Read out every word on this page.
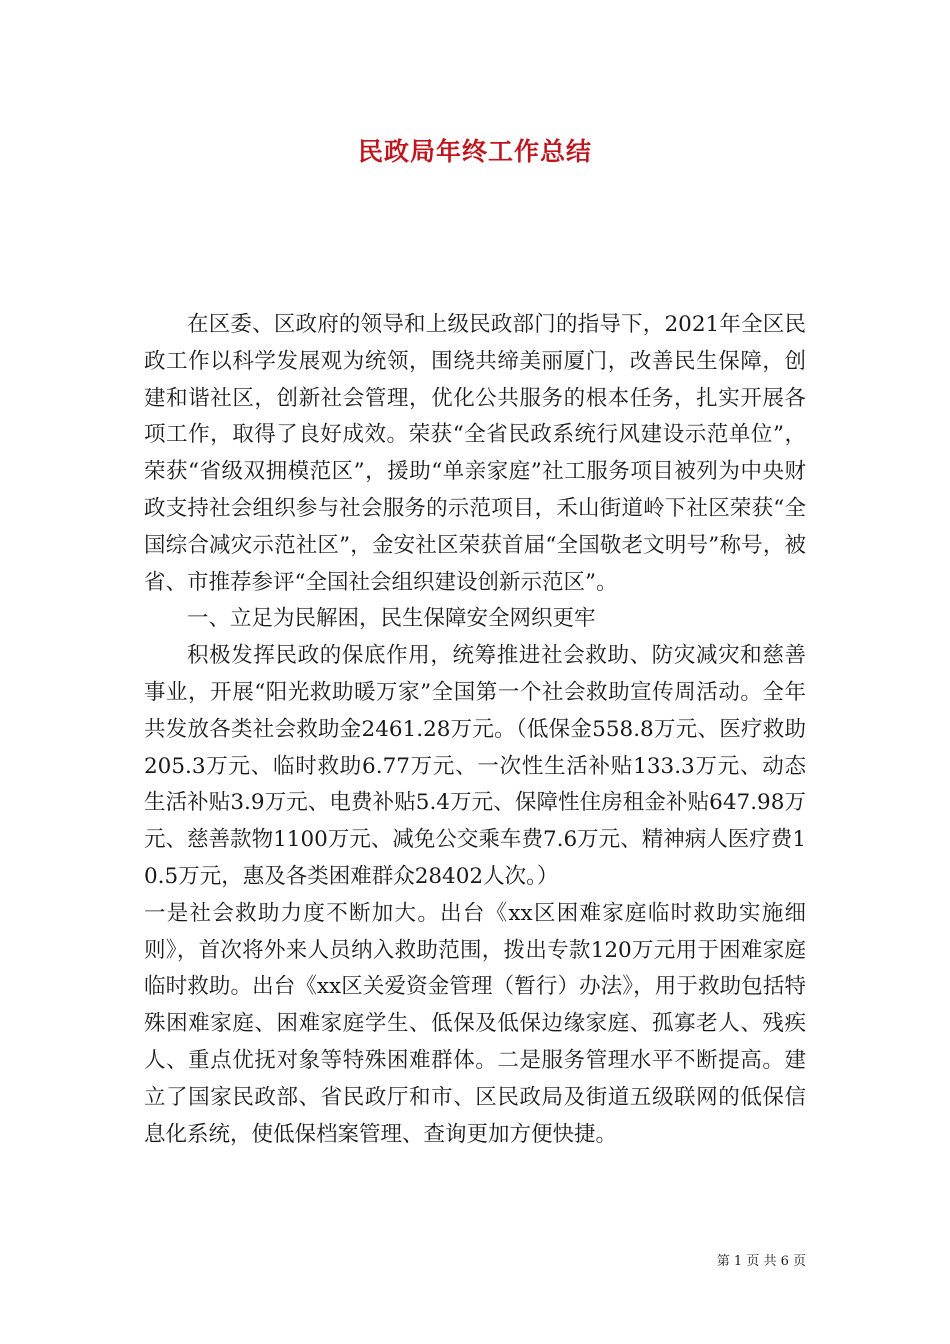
民政局年终工作总结

在区委、区政府的领导和上级民政部门的指导下，2021年全区民政工作以科学发展观为统领，围绕共缔美丽厦门，改善民生保障，创建和谐社区，创新社会管理，优化公共服务的根本任务，扎实开展各项工作，取得了良好成效。荣获“全省民政系统行风建设示范单位”，荣获“省级双拥模范区”，援助“单亲家庭”社工服务项目被列为中央财政支持社会组织参与社会服务的示范项目，禾山街道岭下社区荣获“全国综合减灾示范社区”，金安社区荣获首届“全国敬老文明号”称号，被省、市推荐参评“全国社会组织建设创新示范区”。

一、立足为民解困，民生保障安全网织更牢

积极发挥民政的保底作用，统筹推进社会救助、防灾减灾和慈善事业，开展“阳光救助暖万家”全国第一个社会救助宣传周活动。全年共发放各类社会救助金2461.28万元。（低保金558.8万元、医疗救助205.3万元、临时救助6.77万元、一次性生活补贴133.3万元、动态生活补贴3.9万元、电费补贴5.4万元、保障性住房租金补贴647.98万元、慈善款物1100万元、减免公交乘车费7.6万元、精神病人医疗费10.5万元，惠及各类困难群众28402人次。）

一是社会救助力度不断加大。出台《xx区困难家庭临时救助实施细则》，首次将外来人员纳入救助范围，拨出专款120万元用于困难家庭临时救助。出台《xx区关爱资金管理（暂行）办法》，用于救助包括特殊困难家庭、困难家庭学生、低保及低保边缘家庭、孤寡老人、残疾人、重点优抚对象等特殊困难群体。二是服务管理水平不断提高。建立了国家民政部、省民政厅和市、区民政局及街道五级联网的低保信息化系统，使低保档案管理、查询更加方便快捷。

第 1 页 共 6 页
